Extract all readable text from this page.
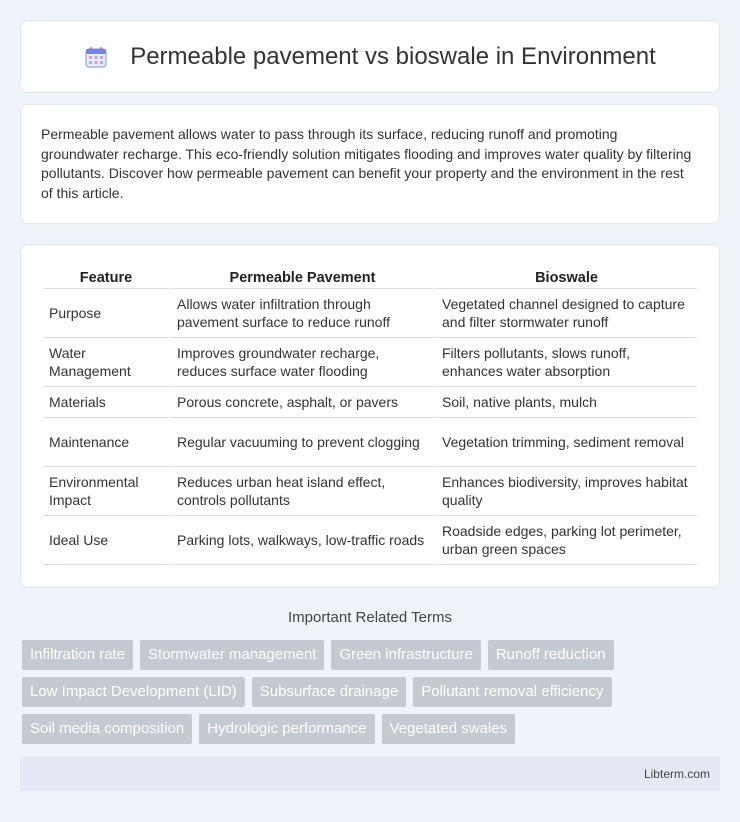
Permeable pavement vs bioswale in Environment

Permeable pavement allows water to pass through its surface, reducing runoff and promoting groundwater recharge. This eco-friendly solution mitigates flooding and improves water quality by filtering pollutants. Discover how permeable pavement can benefit your property and the environment in the rest of this article.

Feature	Permeable Pavement	Bioswale
Purpose	Allows water infiltration through pavement surface to reduce runoff	Vegetated channel designed to capture and filter stormwater runoff
Water Management	Improves groundwater recharge, reduces surface water flooding	Filters pollutants, slows runoff, enhances water absorption
Materials	Porous concrete, asphalt, or pavers	Soil, native plants, mulch
Maintenance	Regular vacuuming to prevent clogging	Vegetation trimming, sediment removal
Environmental Impact	Reduces urban heat island effect, controls pollutants	Enhances biodiversity, improves habitat quality
Ideal Use	Parking lots, walkways, low-traffic roads	Roadside edges, parking lot perimeter, urban green spaces
Important Related Terms
Infiltration rate	Stormwater management	Green infrastructure	Runoff reduction
Low Impact Development (LID)	Subsurface drainage	Pollutant removal efficiency
Soil media composition	Hydrologic performance	Vegetated swales
Libterm.com
